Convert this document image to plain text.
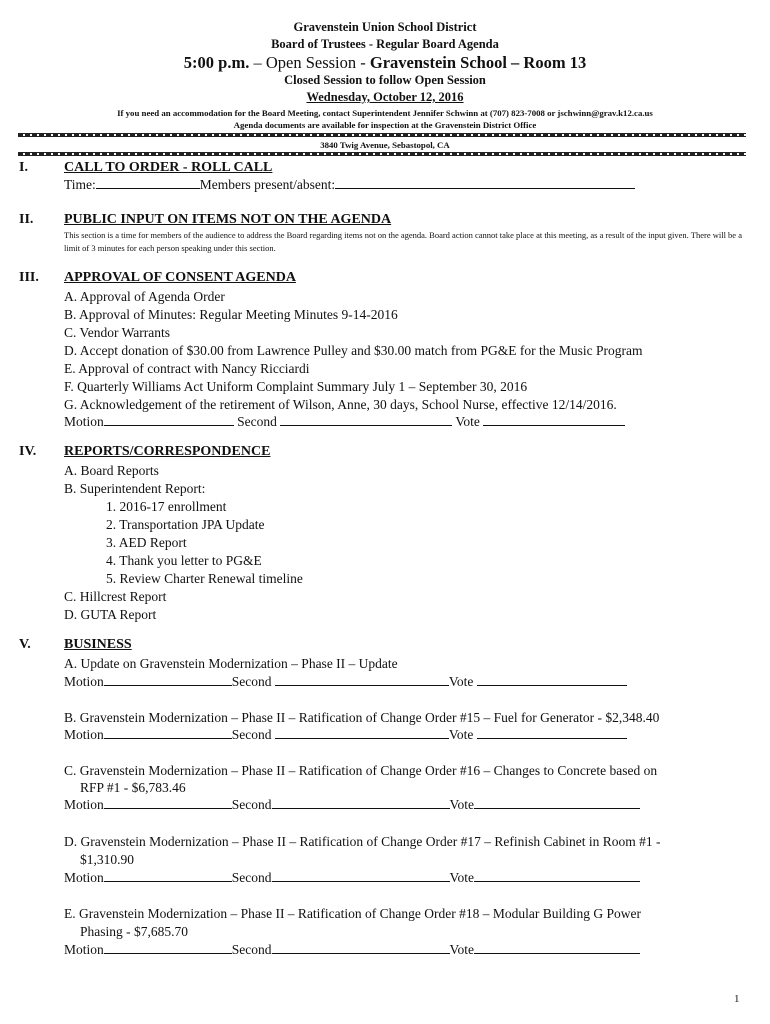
Gravenstein Union School District
Board of Trustees - Regular Board Agenda
5:00 p.m. – Open Session - Gravenstein School – Room 13
Closed Session to follow Open Session
Wednesday, October 12, 2016
If you need an accommodation for the Board Meeting, contact Superintendent Jennifer Schwinn at (707) 823-7008 or jschwinn@grav.k12.ca.us
Agenda documents are available for inspection at the Gravenstein District Office
3840 Twig Avenue, Sebastopol, CA
I.	CALL TO ORDER - ROLL CALL
Time:	Members present/absent:
II. PUBLIC INPUT ON ITEMS NOT ON THE AGENDA
This section is a time for members of the audience to address the Board regarding items not on the agenda. Board action cannot take place at this meeting, as a result of the input given. There will be a limit of 3 minutes for each person speaking under this section.
III. APPROVAL OF CONSENT AGENDA
A. Approval of Agenda Order
B. Approval of Minutes: Regular Meeting Minutes 9-14-2016
C. Vendor Warrants
D. Accept donation of $30.00 from Lawrence Pulley and $30.00 match from PG&E for the Music Program
E. Approval of contract with Nancy Ricciardi
F. Quarterly Williams Act Uniform Complaint Summary July 1 – September 30, 2016
G. Acknowledgement of the retirement of Wilson, Anne, 30 days, School Nurse, effective 12/14/2016.
Motion	Second	Vote
IV. REPORTS/CORRESPONDENCE
A. Board Reports
B. Superintendent Report:
1. 2016-17 enrollment
2. Transportation JPA Update
3. AED Report
4. Thank you letter to PG&E
5. Review Charter Renewal timeline
C. Hillcrest Report
D. GUTA Report
V. BUSINESS
A. Update on Gravenstein Modernization – Phase II – Update
Motion	Second	Vote
B. Gravenstein Modernization – Phase II – Ratification of Change Order #15 – Fuel for Generator - $2,348.40
Motion	Second	Vote
C. Gravenstein Modernization – Phase II – Ratification of Change Order #16 – Changes to Concrete based on
RFP #1 - $6,783.46
Motion	Second	Vote
D. Gravenstein Modernization – Phase II – Ratification of Change Order #17 – Refinish Cabinet in Room #1 -
$1,310.90
Motion	Second	Vote
E. Gravenstein Modernization – Phase II – Ratification of Change Order #18 – Modular Building G Power
Phasing - $7,685.70
Motion	Second	Vote
1
